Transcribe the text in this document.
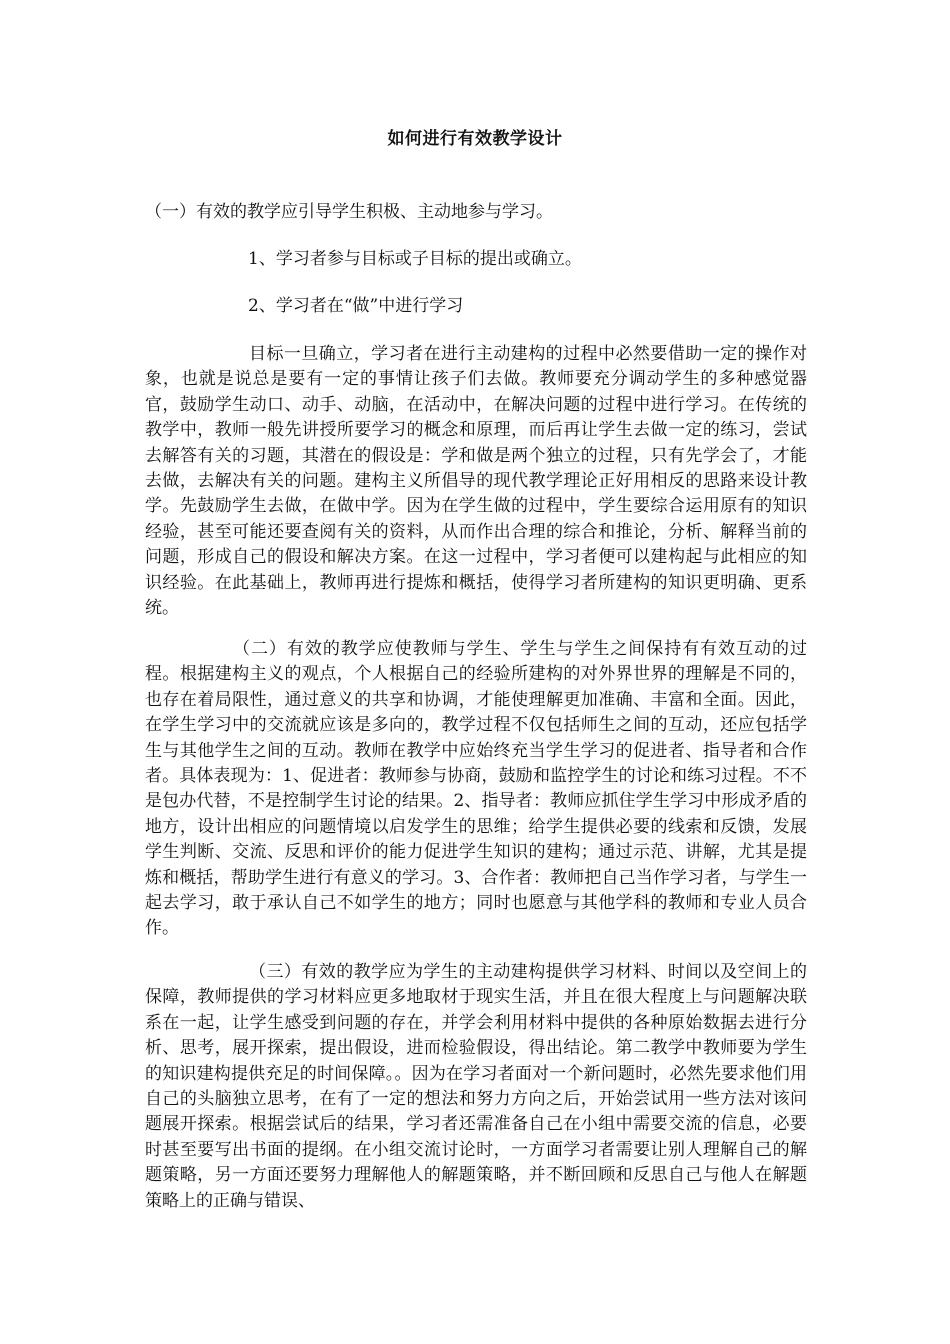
如何进行有效教学设计
（一）有效的教学应引导学生积极、主动地参与学习。
1、学习者参与目标或子目标的提出或确立。
2、学习者在“做”中进行学习
目标一旦确立，学习者在进行主动建构的过程中必然要借助一定的操作对象，也就是说总是要有一定的事情让孩子们去做。教师要充分调动学生的多种感觉器官，鼓励学生动口、动手、动脑，在活动中，在解决问题的过程中进行学习。在传统的教学中，教师一般先讲授所要学习的概念和原理，而后再让学生去做一定的练习，尝试去解答有关的习题，其潜在的假设是：学和做是两个独立的过程，只有先学会了，才能去做，去解决有关的问题。建构主义所倡导的现代教学理论正好用相反的思路来设计教学。先鼓励学生去做，在做中学。因为在学生做的过程中，学生要综合运用原有的知识经验，甚至可能还要查阅有关的资料，从而作出合理的综合和推论，分析、解释当前的问题，形成自己的假设和解决方案。在这一过程中，学习者便可以建构起与此相应的知识经验。在此基础上，教师再进行提炼和概括，使得学习者所建构的知识更明确、更系统。
（二）有效的教学应使教师与学生、学生与学生之间保持有有效互动的过程。根据建构主义的观点，个人根据自己的经验所建构的对外界世界的理解是不同的，也存在着局限性，通过意义的共享和协调，才能使理解更加准确、丰富和全面。因此，在学生学习中的交流就应该是多向的，教学过程不仅包括师生之间的互动，还应包括学生与其他学生之间的互动。教师在教学中应始终充当学生学习的促进者、指导者和合作者。具体表现为：1、促进者：教师参与协商，鼓励和监控学生的讨论和练习过程。不不是包办代替，不是控制学生讨论的结果。2、指导者：教师应抓住学生学习中形成矛盾的地方，设计出相应的问题情境以启发学生的思维；给学生提供必要的线索和反馈，发展学生判断、交流、反思和评价的能力促进学生知识的建构；通过示范、讲解，尤其是提炼和概括，帮助学生进行有意义的学习。3、合作者：教师把自己当作学习者，与学生一起去学习，敢于承认自己不如学生的地方；同时也愿意与其他学科的教师和专业人员合作。
（三）有效的教学应为学生的主动建构提供学习材料、时间以及空间上的保障，教师提供的学习材料应更多地取材于现实生活，并且在很大程度上与问题解决联系在一起，让学生感受到问题的存在，并学会利用材料中提供的各种原始数据去进行分析、思考，展开探索，提出假设，进而检验假设，得出结论。第二教学中教师要为学生的知识建构提供充足的时间保障。。因为在学习者面对一个新问题时，必然先要求他们用自己的头脑独立思考，在有了一定的想法和努力方向之后，开始尝试用一些方法对该问题展开探索。根据尝试后的结果，学习者还需准备自己在小组中需要交流的信息，必要时甚至要写出书面的提纲。在小组交流讨论时，一方面学习者需要让别人理解自己的解题策略，另一方面还要努力理解他人的解题策略，并不断回顾和反思自己与他人在解题策略上的正确与错误、
